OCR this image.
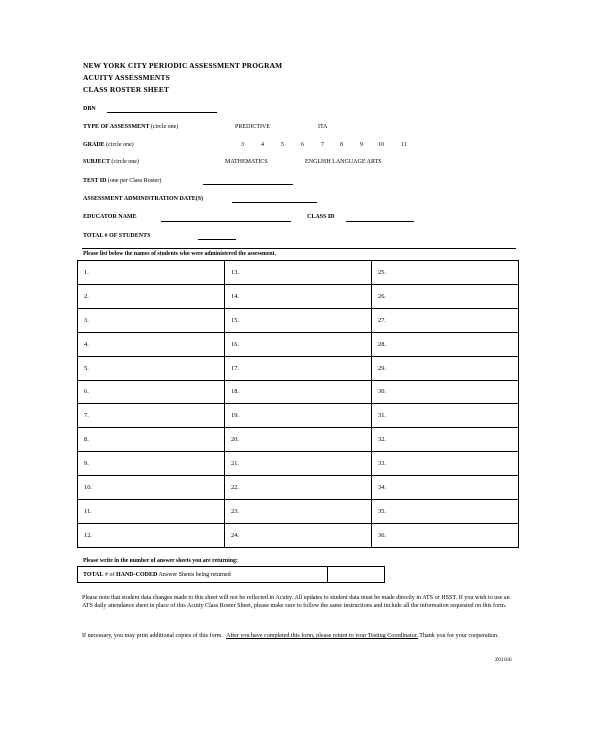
NEW YORK CITY PERIODIC ASSESSMENT PROGRAM
ACUITY ASSESSMENTS
CLASS ROSTER SHEET
DBN
TYPE OF ASSESSMENT (circle one)	PREDICTIVE	ITA
GRADE (circle one)	3	4	5	6	7	8	9	10	11
SUBJECT (circle one)	MATHEMATICS	ENGLISH LANGUAGE ARTS
TEST ID (one per Class Roster)
ASSESSMENT ADMINISTRATION DATE(S)
EDUCATOR NAME	CLASS ID
TOTAL # OF STUDENTS
Please list below the names of students who were administered the assessment.
1.	13.	25.
2.	14.	26.
3.	15.	27.
4.	16.	28.
5.	17.	29.
6.	18.	30.
7.	19.	31.
8.	20.	32.
9.	21.	33.
10.	22.	34.
11.	23.	35.
12.	24.	36.
Please write in the number of answer sheets you are returning:
TOTAL # of HAND-CODED Answer Sheets being returned	
Please note that student data changes made to this sheet will not be reflected in Acuity. All updates to student data must be made directly in ATS or HSST. If you wish to use an ATS daily attendance sheet in place of this Acuity Class Roster Sheet, please make sure to follow the same instructions and include all the information requested on this form.
If necessary, you may print additional copies of this form. After you have completed this form, please return to your Testing Coordinator. Thank you for your cooperation.
Z01166
